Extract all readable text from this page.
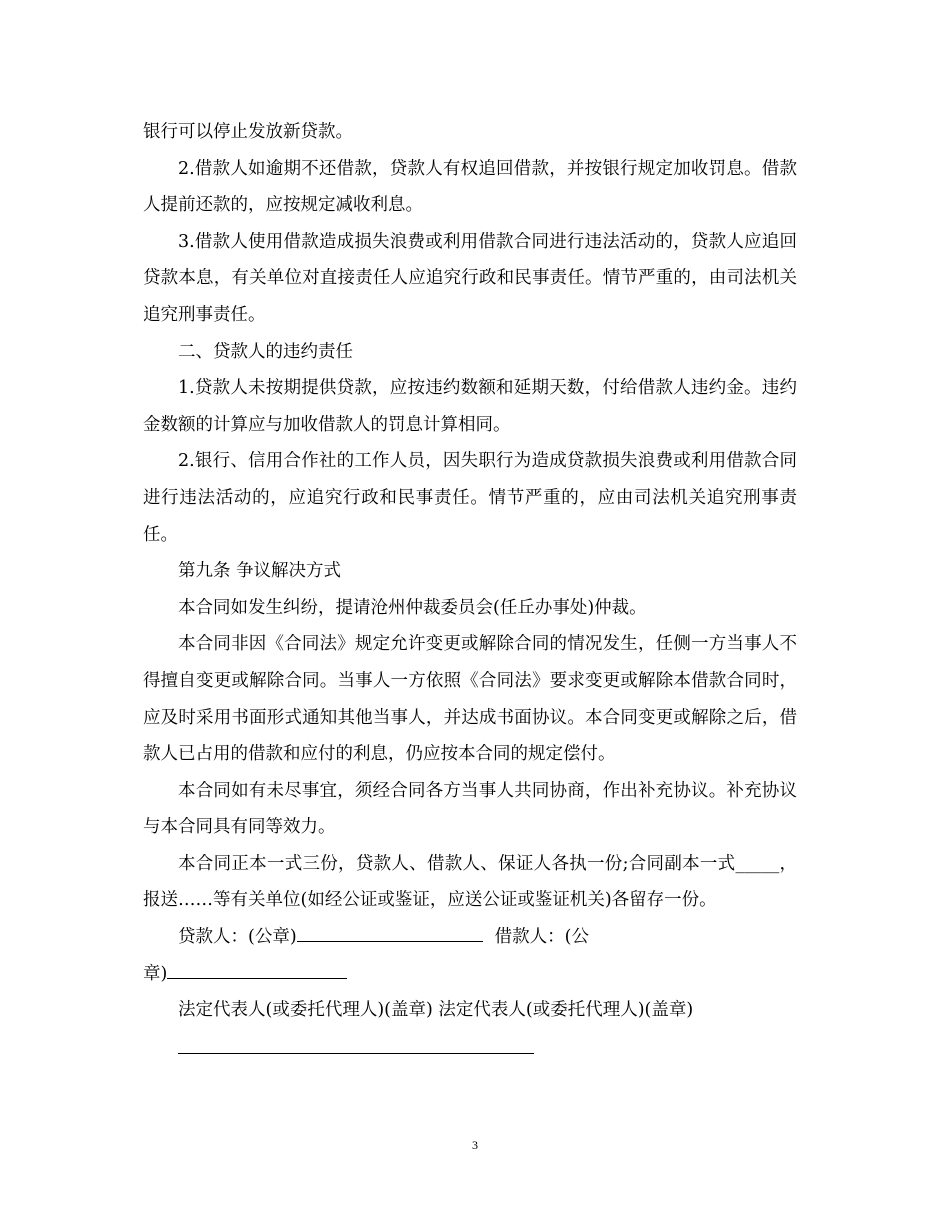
银行可以停止发放新贷款。

2.借款人如逾期不还借款，贷款人有权追回借款，并按银行规定加收罚息。借款人提前还款的，应按规定减收利息。

3.借款人使用借款造成损失浪费或利用借款合同进行违法活动的，贷款人应追回贷款本息，有关单位对直接责任人应追究行政和民事责任。情节严重的，由司法机关追究刑事责任。

二、贷款人的违约责任

1.贷款人未按期提供贷款，应按违约数额和延期天数，付给借款人违约金。违约金数额的计算应与加收借款人的罚息计算相同。

2.银行、信用合作社的工作人员，因失职行为造成贷款损失浪费或利用借款合同进行违法活动的，应追究行政和民事责任。情节严重的，应由司法机关追究刑事责任。

第九条 争议解决方式

本合同如发生纠纷，提请沧州仲裁委员会(任丘办事处)仲裁。

本合同非因《合同法》规定允许变更或解除合同的情况发生，任侧一方当事人不得擅自变更或解除合同。当事人一方依照《合同法》要求变更或解除本借款合同时，应及时采用书面形式通知其他当事人，并达成书面协议。本合同变更或解除之后，借款人已占用的借款和应付的利息，仍应按本合同的规定偿付。

本合同如有未尽事宜，须经合同各方当事人共同协商，作出补充协议。补充协议与本合同具有同等效力。

本合同正本一式三份，贷款人、借款人、保证人各执一份;合同副本一式_____，报送……等有关单位(如经公证或鉴证，应送公证或鉴证机关)各留存一份。

贷款人：(公章)	借款人：(公

章)

法定代表人(或委托代理人)(盖章) 法定代表人(或委托代理人)(盖章)

3
